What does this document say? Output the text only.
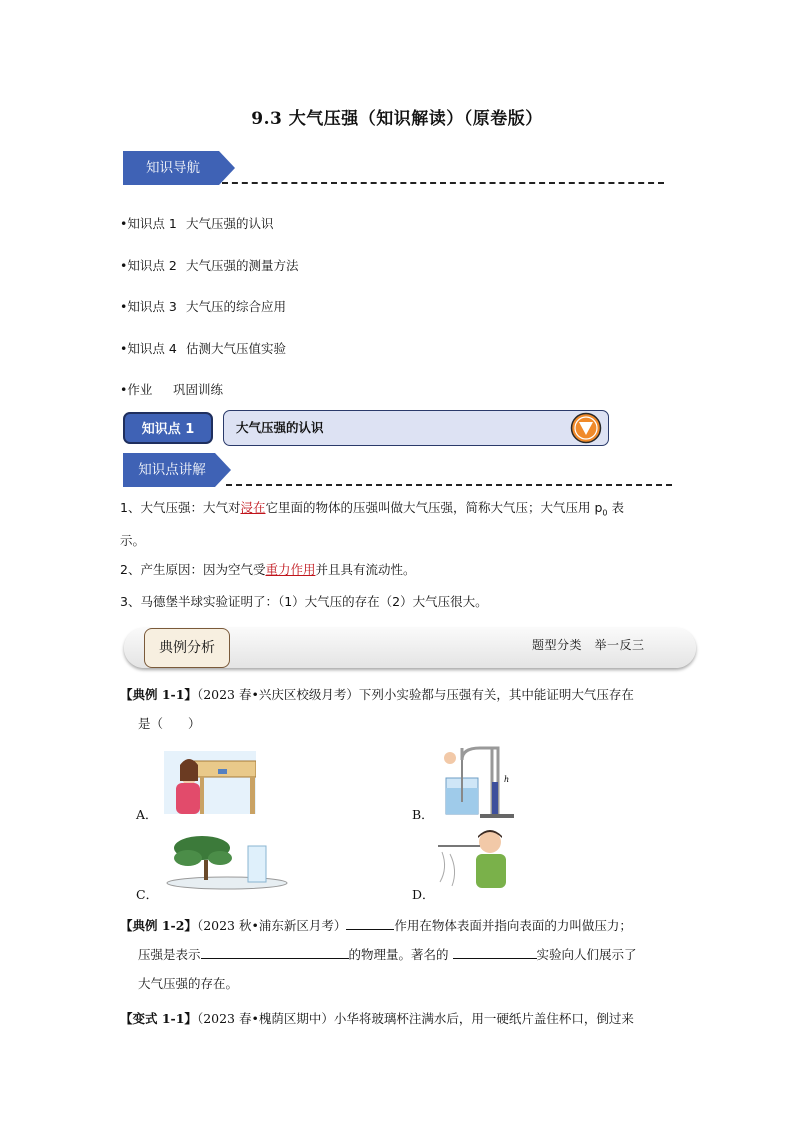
9.3 大气压强（知识解读）（原卷版）
知识导航
•知识点 1 大气压强的认识
•知识点 2 大气压强的测量方法
•知识点 3 大气压的综合应用
•知识点 4 估测大气压值实验
•作业 巩固训练
知识点 1	大气压强的认识
知识点讲解
1、大气压强：大气对浸在它里面的物体的压强叫做大气压强，简称大气压；大气压用 $p_0$ 表
示。
2、产生原因：因为空气受重力作用并且具有流动性。
3、马德堡半球实验证明了：（1）大气压的存在（2）大气压很大。
典例分析	题型分类　举一反三
【典例 1-1】（2023 春•兴庆区校级月考）下列小实验都与压强有关，其中能证明大气压存在
是（　　）
h
A．	B．
C．	D．
【典例 1-2】（2023 秋•浦东新区月考）	作用在物体表面并指向表面的力叫做压力；
压强是表示	的物理量。著名的	实验向人们展示了
大气压强的存在。
【变式 1-1】（2023 春•槐荫区期中）小华将玻璃杯注满水后，用一硬纸片盖住杯口，倒过来
